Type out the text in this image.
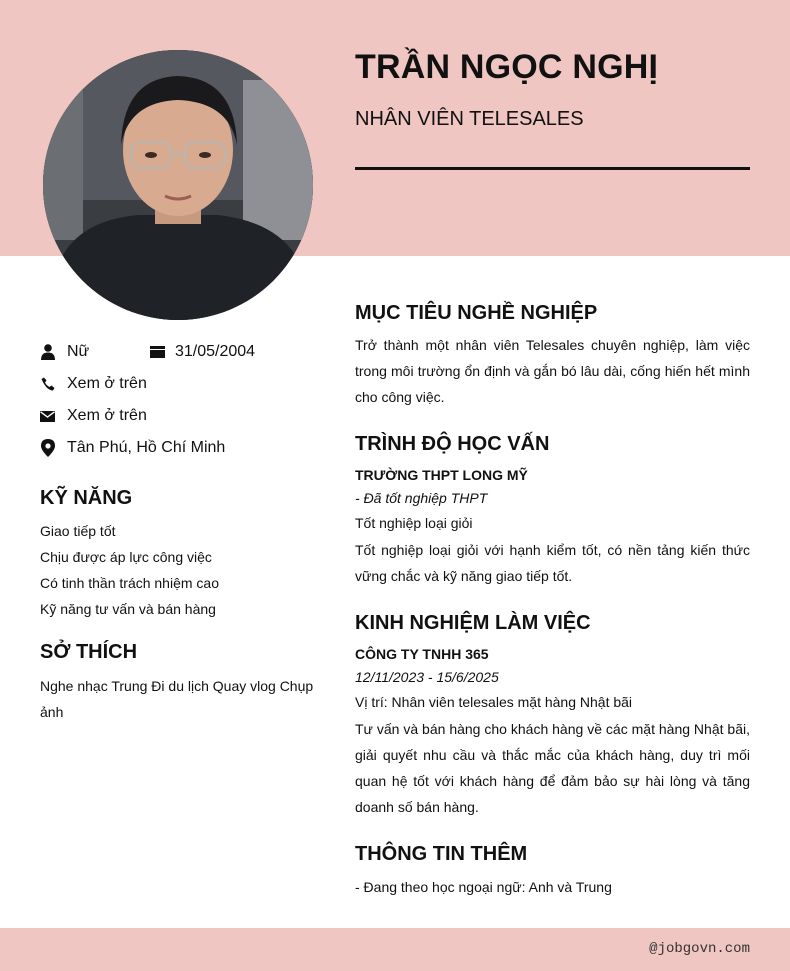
TRẦN NGỌC NGHỊ
NHÂN VIÊN TELESALES
Nữ	31/05/2004
Xem ở trên
Xem ở trên
Tân Phú, Hồ Chí Minh
KỸ NĂNG
Giao tiếp tốt
Chịu được áp lực công việc
Có tinh thần trách nhiệm cao
Kỹ năng tư vấn và bán hàng
SỞ THÍCH
Nghe nhạc Trung Đi du lịch Quay vlog Chụp ảnh
MỤC TIÊU NGHỀ NGHIỆP
Trở thành một nhân viên Telesales chuyên nghiệp, làm việc trong môi trường ổn định và gắn bó lâu dài, cống hiến hết mình cho công việc.
TRÌNH ĐỘ HỌC VẤN
TRƯỜNG THPT LONG MỸ
- Đã tốt nghiệp THPT
Tốt nghiệp loại giỏi
Tốt nghiệp loại giỏi với hạnh kiểm tốt, có nền tảng kiến thức vững chắc và kỹ năng giao tiếp tốt.
KINH NGHIỆM LÀM VIỆC
CÔNG TY TNHH 365
12/11/2023 - 15/6/2025
Vị trí: Nhân viên telesales mặt hàng Nhật bãi
Tư vấn và bán hàng cho khách hàng về các mặt hàng Nhật bãi, giải quyết nhu cầu và thắc mắc của khách hàng, duy trì mối quan hệ tốt với khách hàng để đảm bảo sự hài lòng và tăng doanh số bán hàng.
THÔNG TIN THÊM
- Đang theo học ngoại ngữ: Anh và Trung
@jobgovn.com
